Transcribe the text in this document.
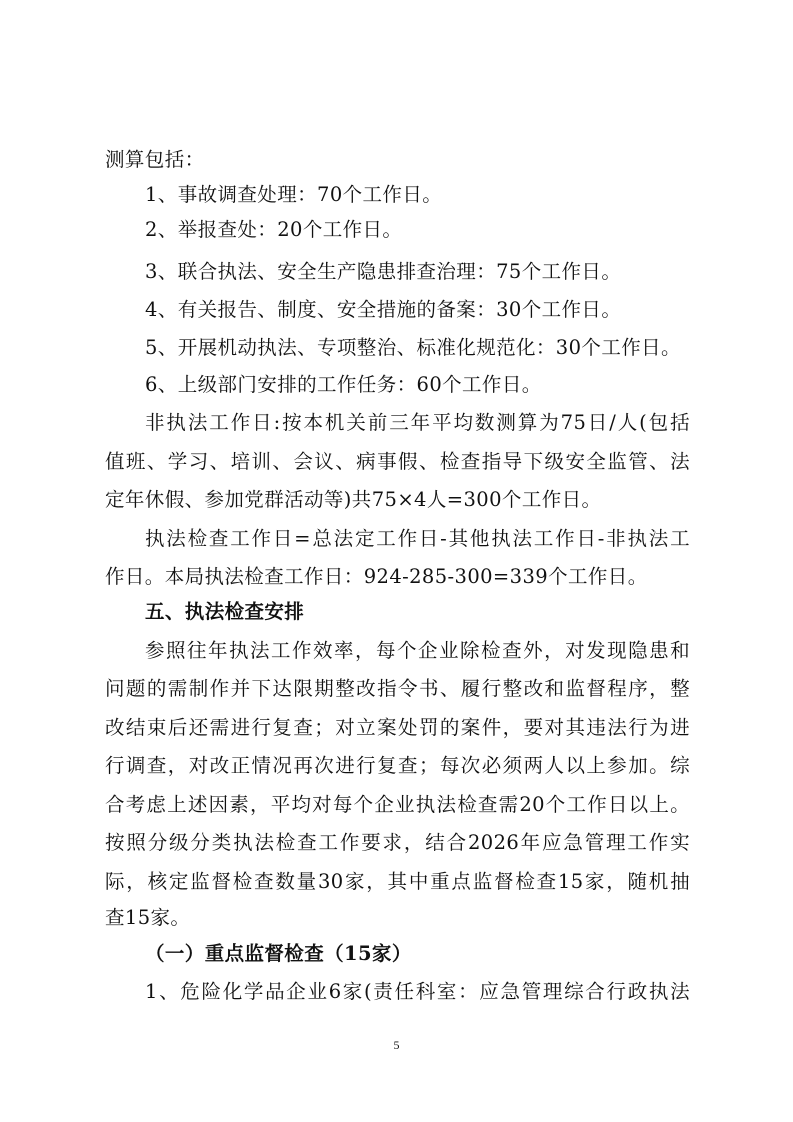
测算包括：
1、事故调查处理：70个工作日。
2、举报查处：20个工作日。
3、联合执法、安全生产隐患排查治理：75个工作日。
4、有关报告、制度、安全措施的备案：30个工作日。
5、开展机动执法、专项整治、标准化规范化：30个工作日。
6、上级部门安排的工作任务：60个工作日。
非执法工作日:按本机关前三年平均数测算为75日/人(包括
值班、学习、培训、会议、病事假、检查指导下级安全监管、法
定年休假、参加党群活动等)共75×4人=300个工作日。
执法检查工作日=总法定工作日-其他执法工作日-非执法工
作日。本局执法检查工作日：924-285-300=339个工作日。
五、执法检查安排
参照往年执法工作效率，每个企业除检查外，对发现隐患和
问题的需制作并下达限期整改指令书、履行整改和监督程序，整
改结束后还需进行复查；对立案处罚的案件，要对其违法行为进
行调查，对改正情况再次进行复查；每次必须两人以上参加。综
合考虑上述因素，平均对每个企业执法检查需20个工作日以上。
按照分级分类执法检查工作要求，结合2026年应急管理工作实
际，核定监督检查数量30家，其中重点监督检查15家，随机抽
查15家。
（一）重点监督检查（15家）
1、危险化学品企业6家(责任科室：应急管理综合行政执法
5
